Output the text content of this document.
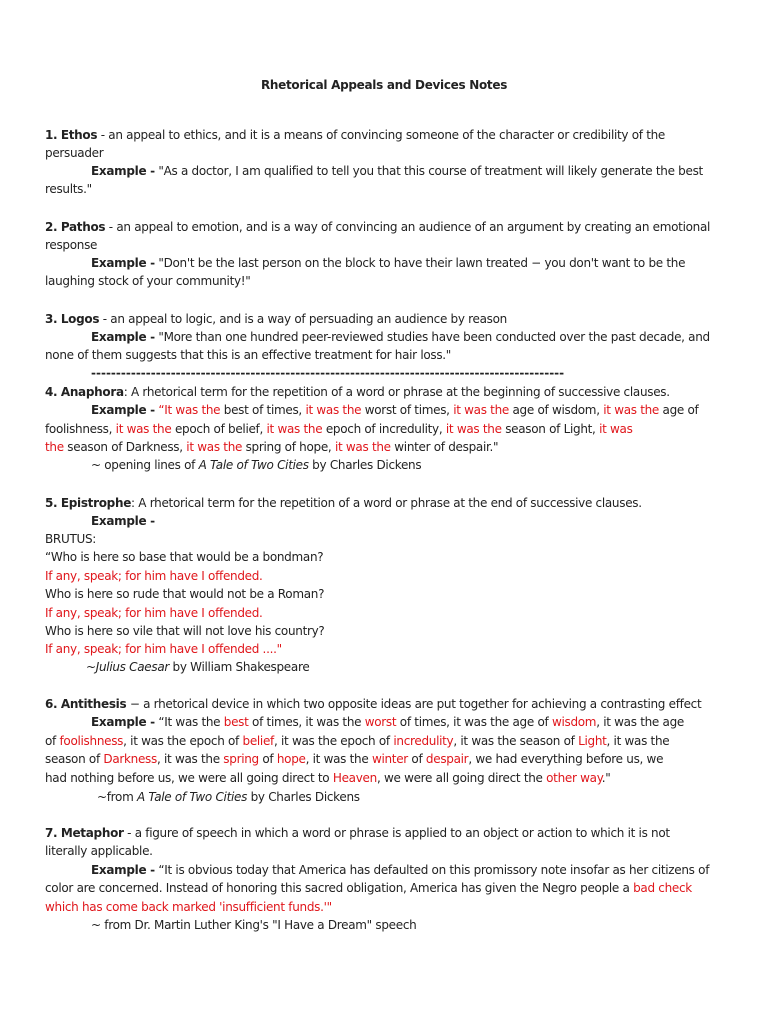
Rhetorical Appeals and Devices Notes
1. Ethos - an appeal to ethics, and it is a means of convincing someone of the character or credibility of the
persuader
Example - "As a doctor, I am qualified to tell you that this course of treatment will likely generate the best
results."
2. Pathos - an appeal to emotion, and is a way of convincing an audience of an argument by creating an emotional
response
Example - "Don't be the last person on the block to have their lawn treated − you don't want to be the
laughing stock of your community!"
3. Logos - an appeal to logic, and is a way of persuading an audience by reason
Example - "More than one hundred peer-reviewed studies have been conducted over the past decade, and
none of them suggests that this is an effective treatment for hair loss."
-----------------------------------------------------------------------------------------------
4. Anaphora: A rhetorical term for the repetition of a word or phrase at the beginning of successive clauses.
Example - “It was the best of times, it was the worst of times, it was the age of wisdom, it was the age of
foolishness, it was the epoch of belief, it was the epoch of incredulity, it was the season of Light, it was
the season of Darkness, it was the spring of hope, it was the winter of despair."
~ opening lines of A Tale of Two Cities by Charles Dickens
5. Epistrophe: A rhetorical term for the repetition of a word or phrase at the end of successive clauses.
Example -
BRUTUS:
“Who is here so base that would be a bondman?
If any, speak; for him have I offended.
Who is here so rude that would not be a Roman?
If any, speak; for him have I offended.
Who is here so vile that will not love his country?
If any, speak; for him have I offended ...."
~Julius Caesar by William Shakespeare
6. Antithesis − a rhetorical device in which two opposite ideas are put together for achieving a contrasting effect
Example - “It was the best of times, it was the worst of times, it was the age of wisdom, it was the age
of foolishness, it was the epoch of belief, it was the epoch of incredulity, it was the season of Light, it was the
season of Darkness, it was the spring of hope, it was the winter of despair, we had everything before us, we
had nothing before us, we were all going direct to Heaven, we were all going direct the other way."
~from A Tale of Two Cities by Charles Dickens
7. Metaphor - a figure of speech in which a word or phrase is applied to an object or action to which it is not
literally applicable.
Example - “It is obvious today that America has defaulted on this promissory note insofar as her citizens of
color are concerned. Instead of honoring this sacred obligation, America has given the Negro people a bad check
which has come back marked 'insufficient funds.'"
~ from Dr. Martin Luther King's "I Have a Dream" speech
